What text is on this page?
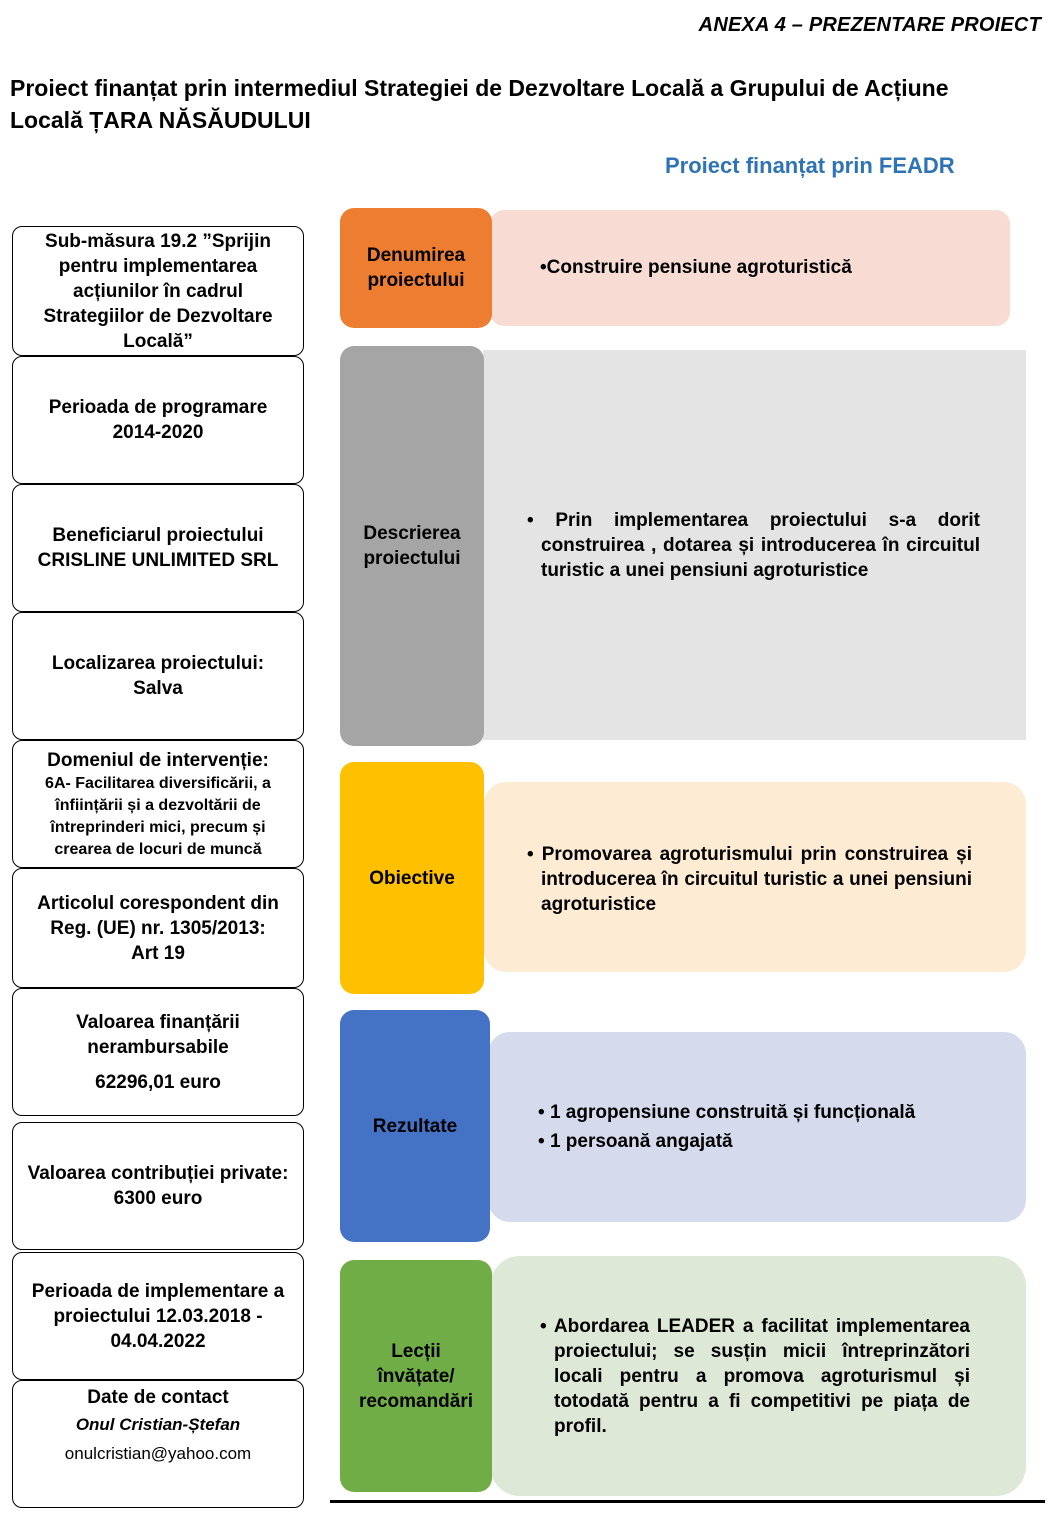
ANEXA 4 – PREZENTARE PROIECT
Proiect finanțat prin intermediul Strategiei de Dezvoltare Locală a Grupului de Acțiune
Locală ȚARA NĂSĂUDULUI
Proiect finanțat prin FEADR
Sub-măsura 19.2 ”Sprijin pentru implementarea acțiunilor în cadrul Strategiilor de Dezvoltare Locală”
Perioada de programare
2014-2020
Beneficiarul proiectului
CRISLINE UNLIMITED SRL
Localizarea proiectului:
Salva
Domeniul de intervenție:
6A- Facilitarea diversificării, a înființării și a dezvoltării de întreprinderi mici, precum și crearea de locuri de muncă
Articolul corespondent din Reg. (UE) nr. 1305/2013:
Art 19
Valoarea finanțării nerambursabile
62296,01 euro
Valoarea contribuției private: 6300 euro
Perioada de implementare a proiectului 12.03.2018 - 04.04.2022
Date de contact
Onul Cristian-Ștefan
onulcristian@yahoo.com
Denumirea proiectului

•Construire pensiune agroturistică

Descrierea proiectului

• Prin implementarea proiectului s-a dorit construirea , dotarea și introducerea în circuitul turistic a unei pensiuni agroturistice

Obiective

• Promovarea agroturismului prin construirea și introducerea în circuitul turistic a unei pensiuni agroturistice

Rezultate

• 1 agropensiune construită și funcțională

• 1 persoană angajată

Lecții învățate/ recomandări

• Abordarea LEADER a facilitat implementarea proiectului; se susțin micii întreprinzători locali pentru a promova agroturismul și totodată pentru a fi competitivi pe piața de profil.
